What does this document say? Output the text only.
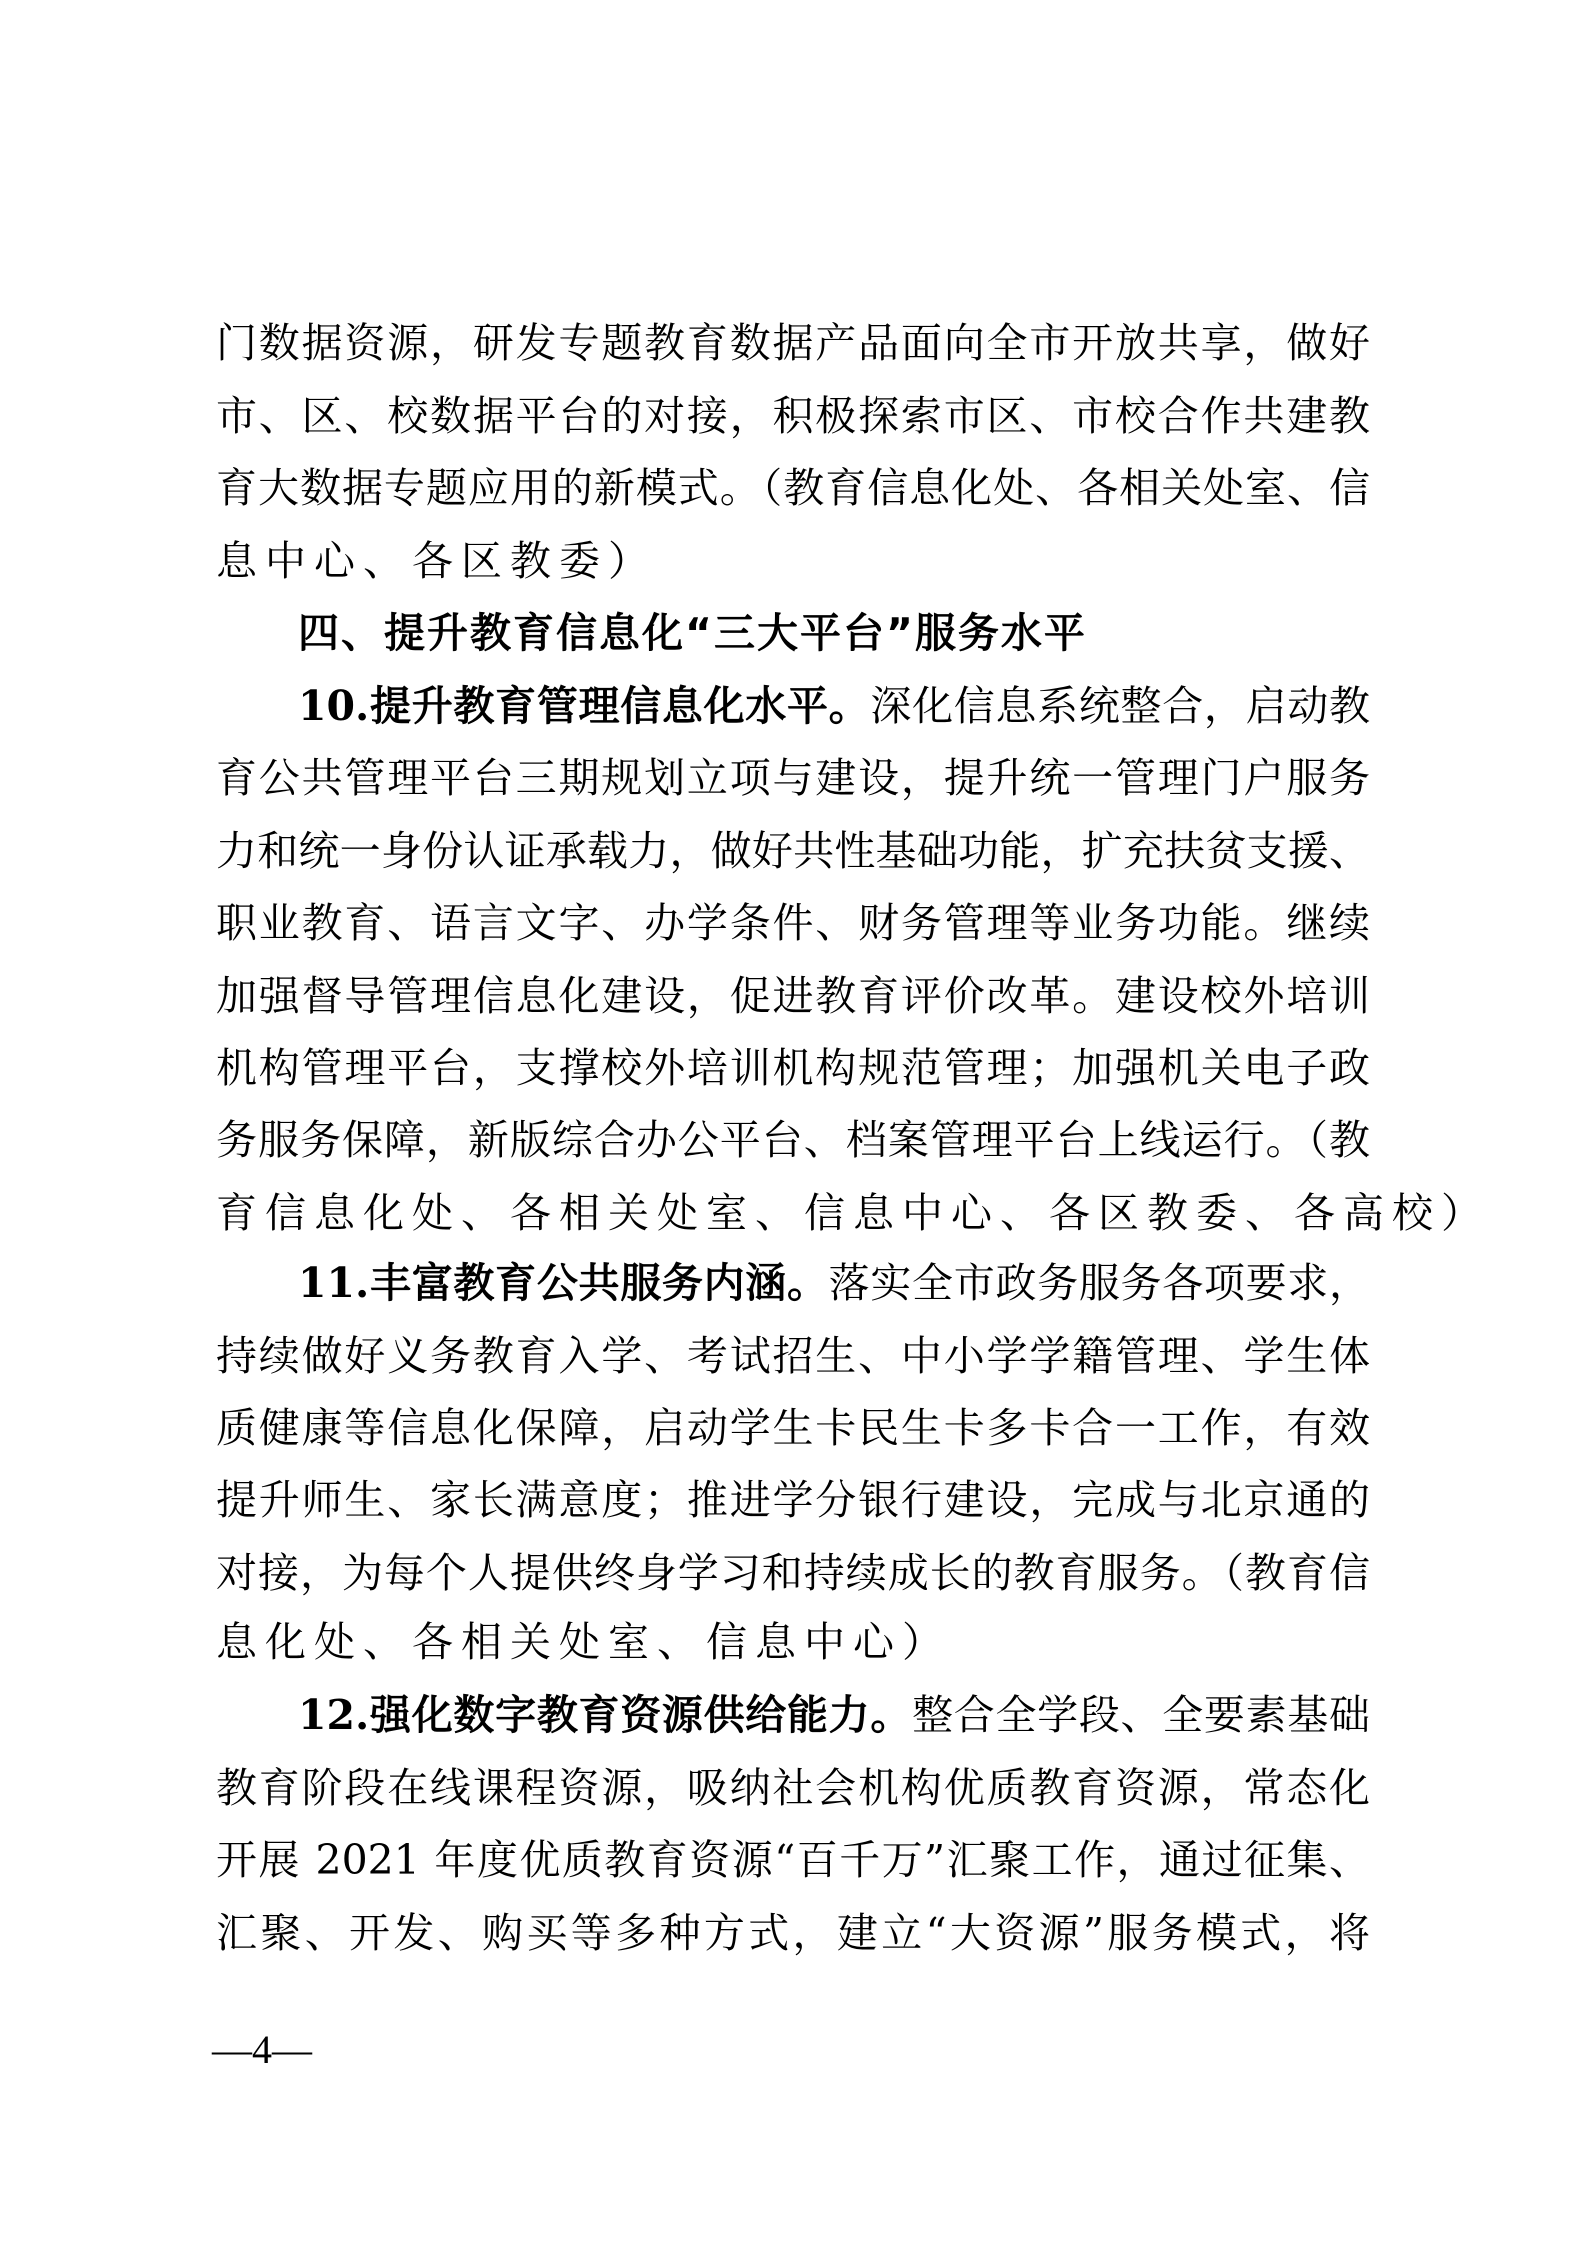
门数据资源，研发专题教育数据产品面向全市开放共享，做好
市、区、校数据平台的对接，积极探索市区、市校合作共建教
育大数据专题应用的新模式。（教育信息化处、各相关处室、信
息中心、各区教委）
四、提升教育信息化“三大平台”服务水平
10.提升教育管理信息化水平。深化信息系统整合，启动教
育公共管理平台三期规划立项与建设，提升统一管理门户服务
力和统一身份认证承载力，做好共性基础功能，扩充扶贫支援、
职业教育、语言文字、办学条件、财务管理等业务功能。继续
加强督导管理信息化建设，促进教育评价改革。建设校外培训
机构管理平台，支撑校外培训机构规范管理；加强机关电子政
务服务保障，新版综合办公平台、档案管理平台上线运行。（教
育信息化处、各相关处室、信息中心、各区教委、各高校）
11.丰富教育公共服务内涵。落实全市政务服务各项要求，
持续做好义务教育入学、考试招生、中小学学籍管理、学生体
质健康等信息化保障，启动学生卡民生卡多卡合一工作，有效
提升师生、家长满意度；推进学分银行建设，完成与北京通的
对接，为每个人提供终身学习和持续成长的教育服务。（教育信
息化处、各相关处室、信息中心）
12.强化数字教育资源供给能力。整合全学段、全要素基础
教育阶段在线课程资源，吸纳社会机构优质教育资源，常态化
开展 2021 年度优质教育资源“百千万”汇聚工作，通过征集、
汇聚、开发、购买等多种方式，建立“大资源”服务模式，将
—4—
